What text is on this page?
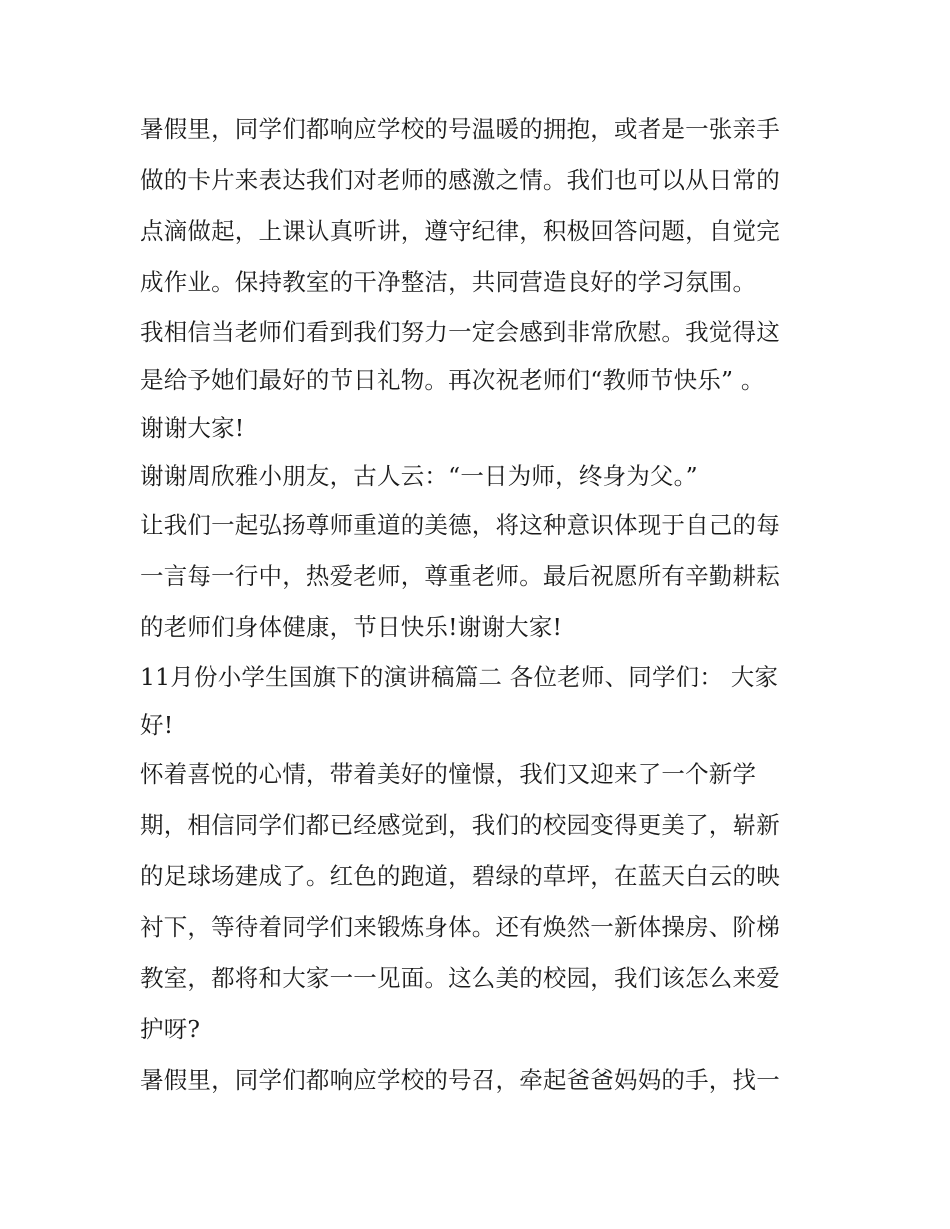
暑假里，同学们都响应学校的号温暖的拥抱，或者是一张亲手

做的卡片来表达我们对老师的感激之情。我们也可以从日常的

点滴做起，上课认真听讲，遵守纪律，积极回答问题，自觉完

成作业。保持教室的干净整洁，共同营造良好的学习氛围。

我相信当老师们看到我们努力一定会感到非常欣慰。我觉得这

是给予她们最好的节日礼物。再次祝老师们“教师节快乐” 。

谢谢大家!

谢谢周欣雅小朋友，古人云：“一日为师，终身为父。”

让我们一起弘扬尊师重道的美德，将这种意识体现于自己的每

一言每一行中，热爱老师，尊重老师。最后祝愿所有辛勤耕耘

的老师们身体健康，节日快乐!谢谢大家!

11月份小学生国旗下的演讲稿篇二 各位老师、同学们： 大家

好!

怀着喜悦的心情，带着美好的憧憬，我们又迎来了一个新学

期，相信同学们都已经感觉到，我们的校园变得更美了，崭新

的足球场建成了。红色的跑道，碧绿的草坪，在蓝天白云的映

衬下，等待着同学们来锻炼身体。还有焕然一新体操房、阶梯

教室，都将和大家一一见面。这么美的校园，我们该怎么来爱

护呀?

暑假里，同学们都响应学校的号召，牵起爸爸妈妈的手，找一
